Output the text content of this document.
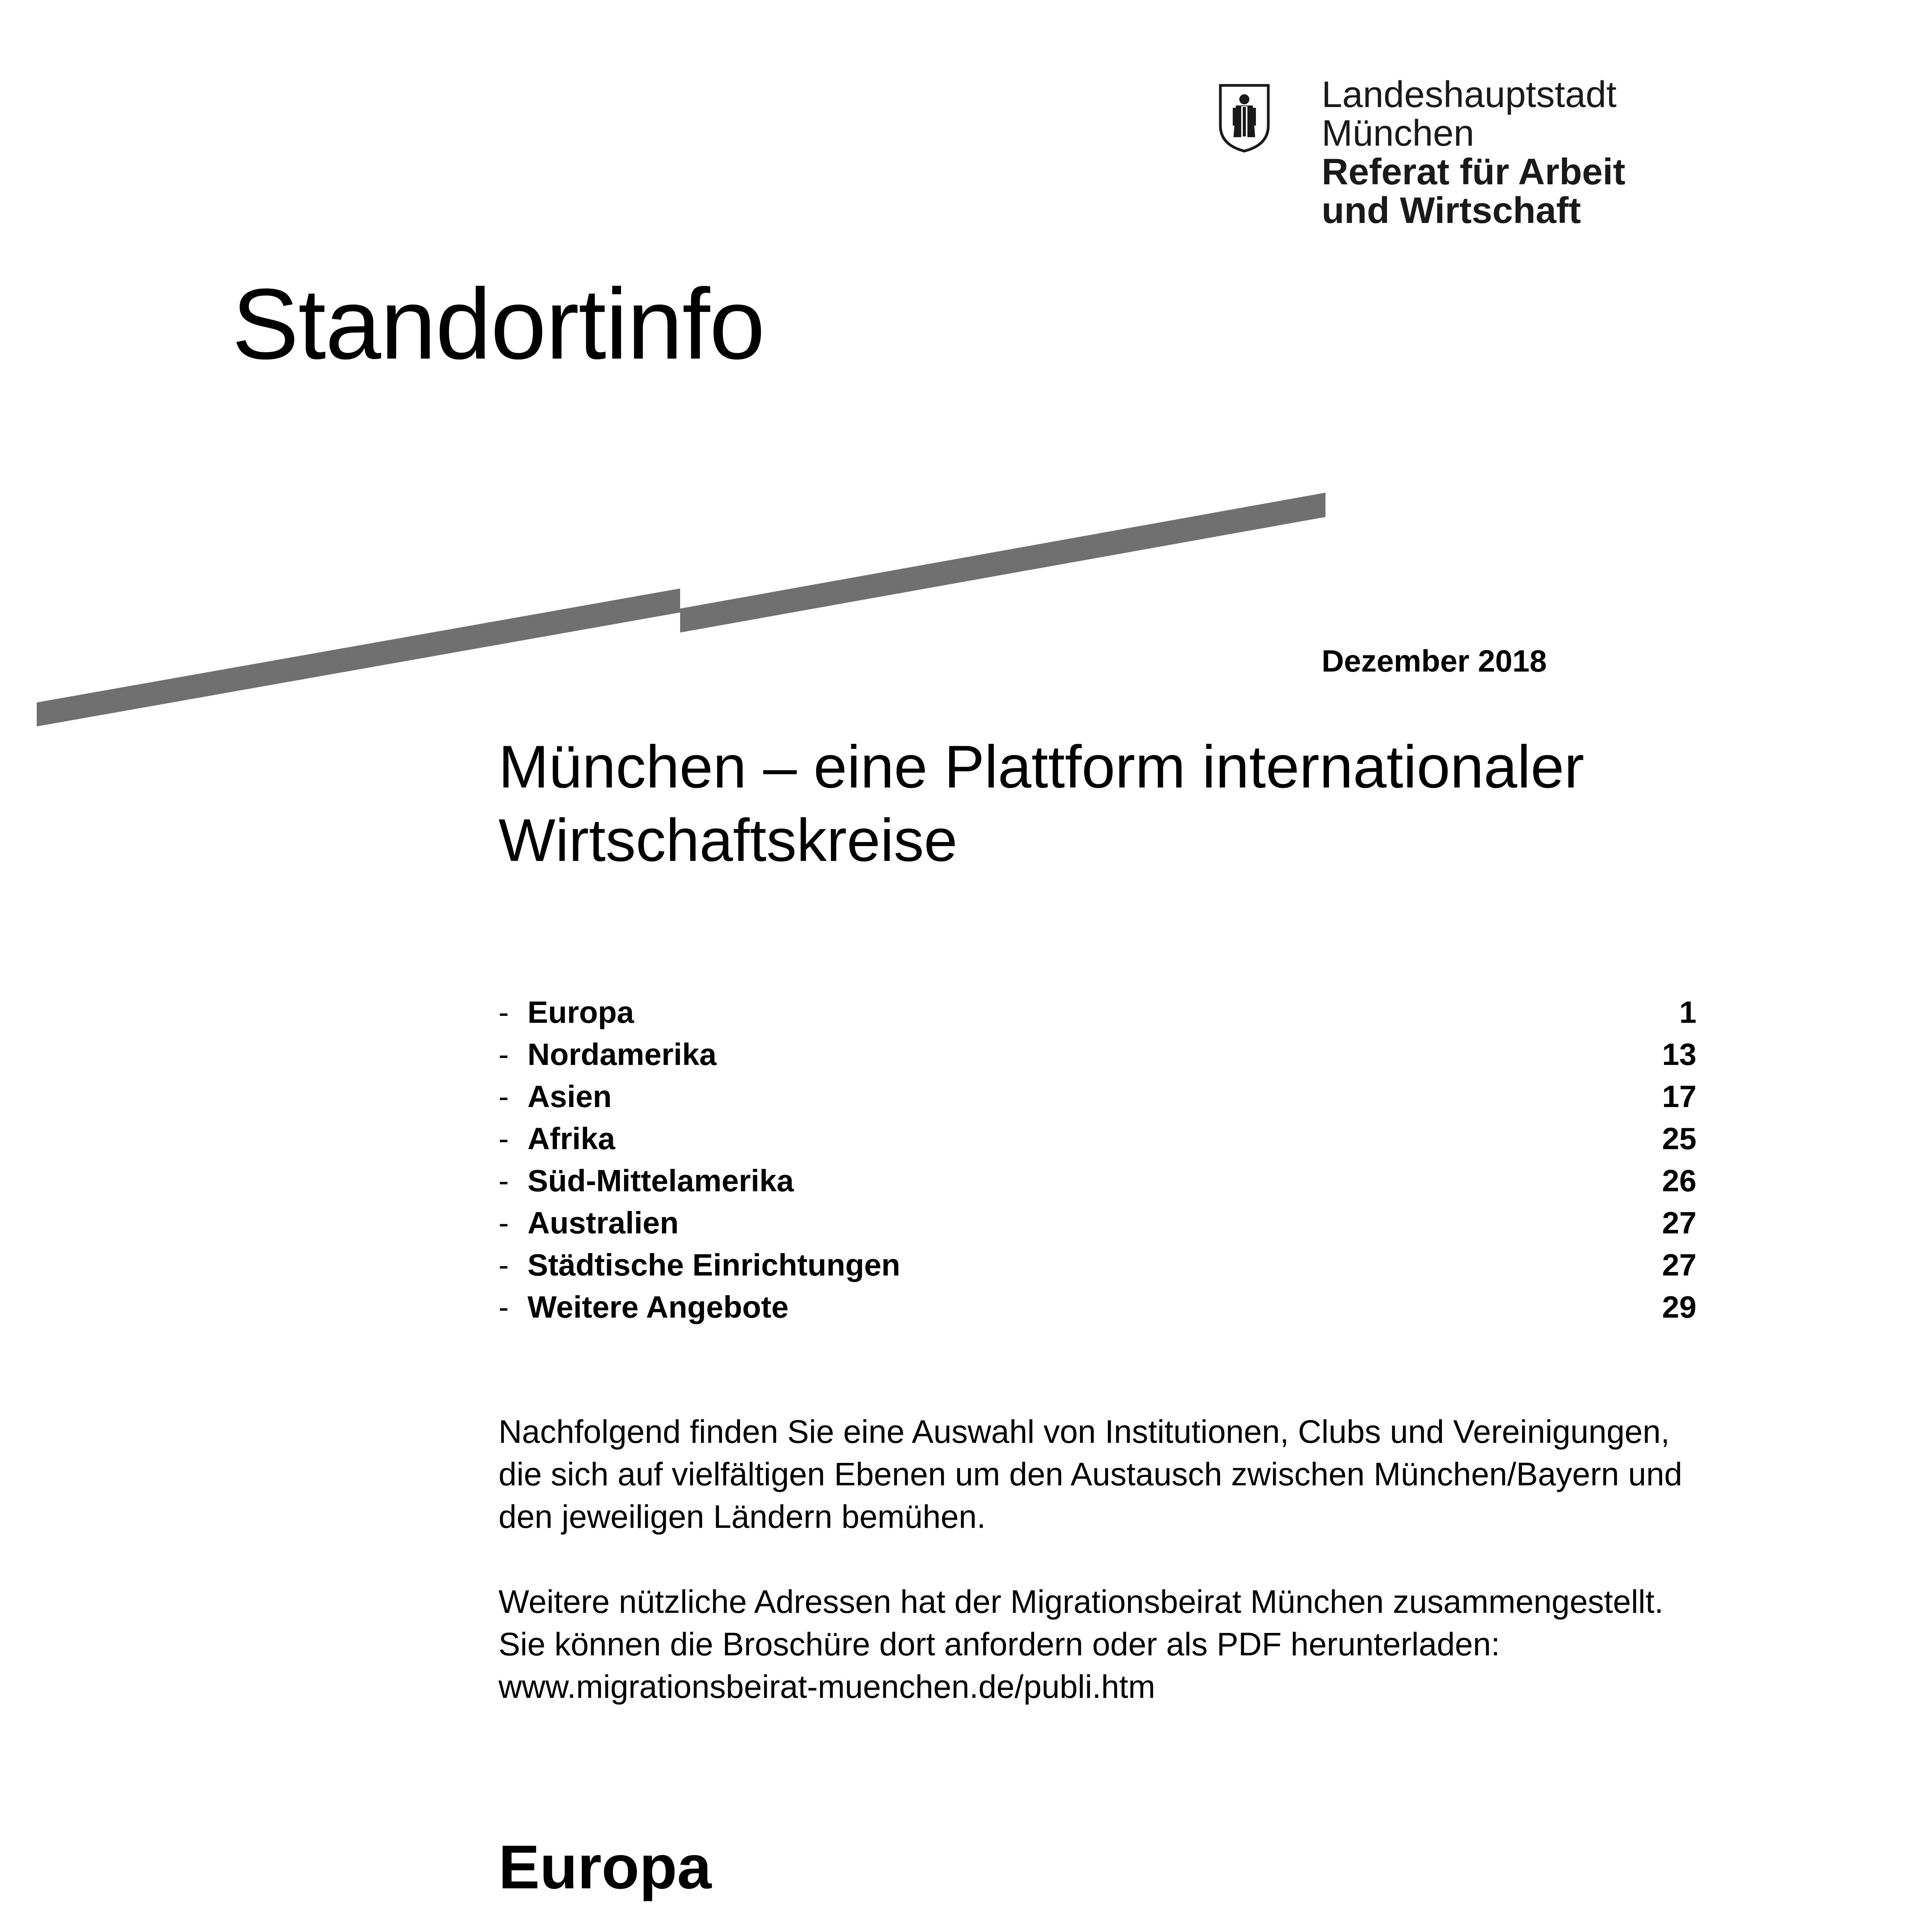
Landeshauptstadt
München
Referat für Arbeit
und Wirtschaft
Standortinfo
Dezember 2018
München – eine Plattform internationaler
Wirtschaftskreise
- Europa	1
- Nordamerika	13
- Asien	17
- Afrika	25
- Süd-Mittelamerika	26
- Australien	27
- Städtische Einrichtungen	27
- Weitere Angebote	29

Nachfolgend finden Sie eine Auswahl von Institutionen, Clubs und Vereinigungen,
die sich auf vielfältigen Ebenen um den Austausch zwischen München/Bayern und
den jeweiligen Ländern bemühen.

Weitere nützliche Adressen hat der Migrationsbeirat München zusammengestellt.
Sie können die Broschüre dort anfordern oder als PDF herunterladen:
www.migrationsbeirat-muenchen.de/publi.htm

Europa
